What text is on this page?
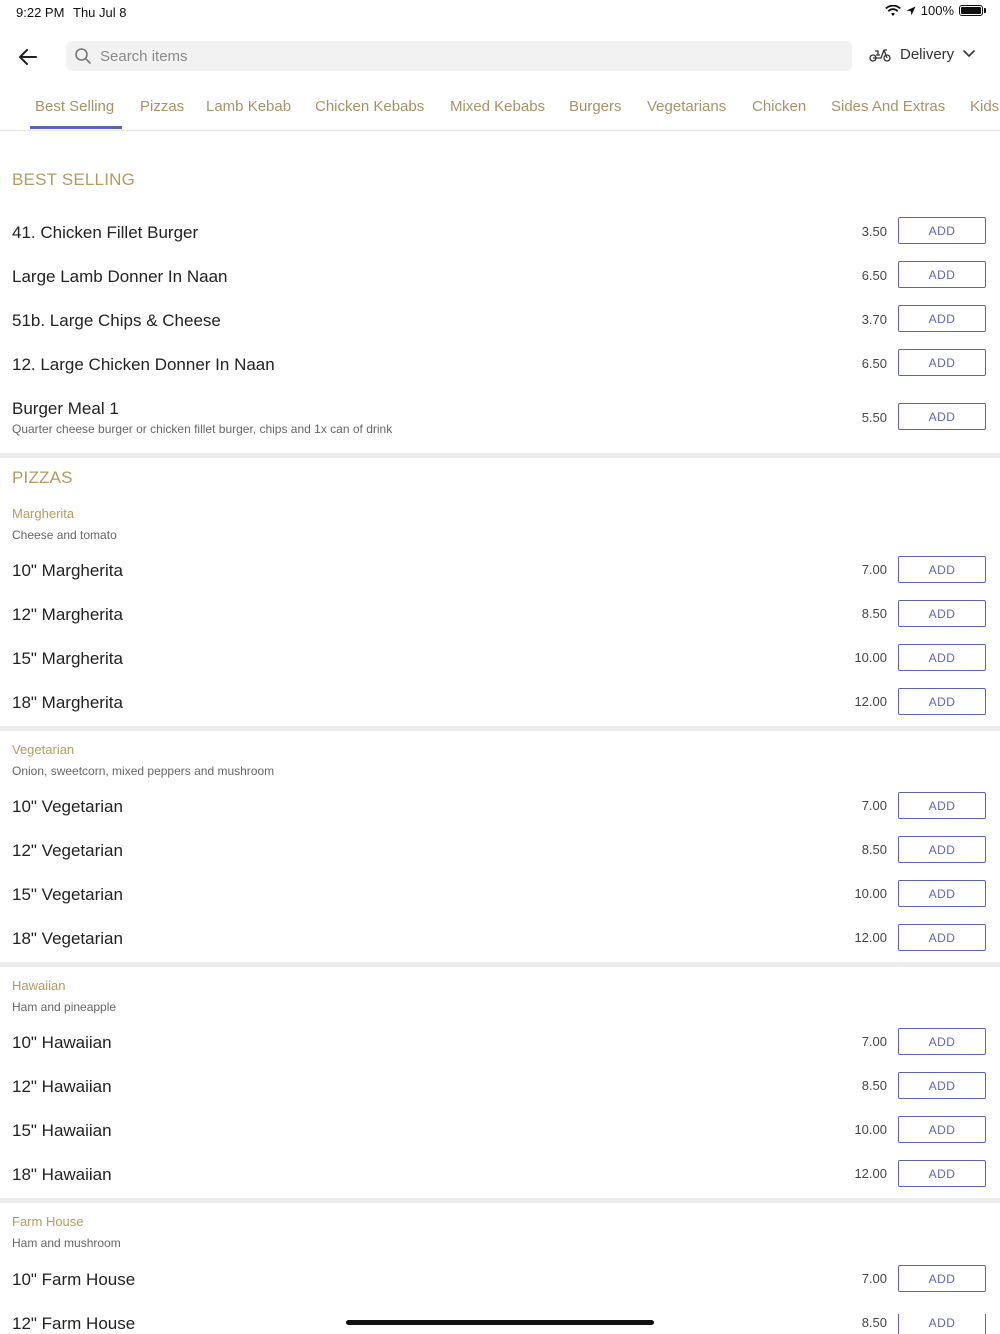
9:22 PM Thu Jul 8	100%
Search items
Delivery
Best Selling Pizzas Lamb Kebab Chicken Kebabs Mixed Kebabs Burgers Vegetarians Chicken Sides And Extras Kids
BEST SELLING
41. Chicken Fillet Burger	3.50	ADD
Large Lamb Donner In Naan	6.50	ADD
51b. Large Chips & Cheese	3.70	ADD
12. Large Chicken Donner In Naan	6.50	ADD
Burger Meal 1
Quarter cheese burger or chicken fillet burger, chips and 1x can of drink
5.50	ADD
PIZZAS
Margherita
Cheese and tomato
10" Margherita	7.00	ADD
12" Margherita	8.50	ADD
15" Margherita	10.00	ADD
18" Margherita	12.00	ADD
Vegetarian
Onion, sweetcorn, mixed peppers and mushroom
10" Vegetarian	7.00	ADD
12" Vegetarian	8.50	ADD
15" Vegetarian	10.00	ADD
18" Vegetarian	12.00	ADD
Hawaiian
Ham and pineapple
10" Hawaiian	7.00	ADD
12" Hawaiian	8.50	ADD
15" Hawaiian	10.00	ADD
18" Hawaiian	12.00	ADD
Farm House
Ham and mushroom
10" Farm House	7.00	ADD
12" Farm House	8.50	ADD
